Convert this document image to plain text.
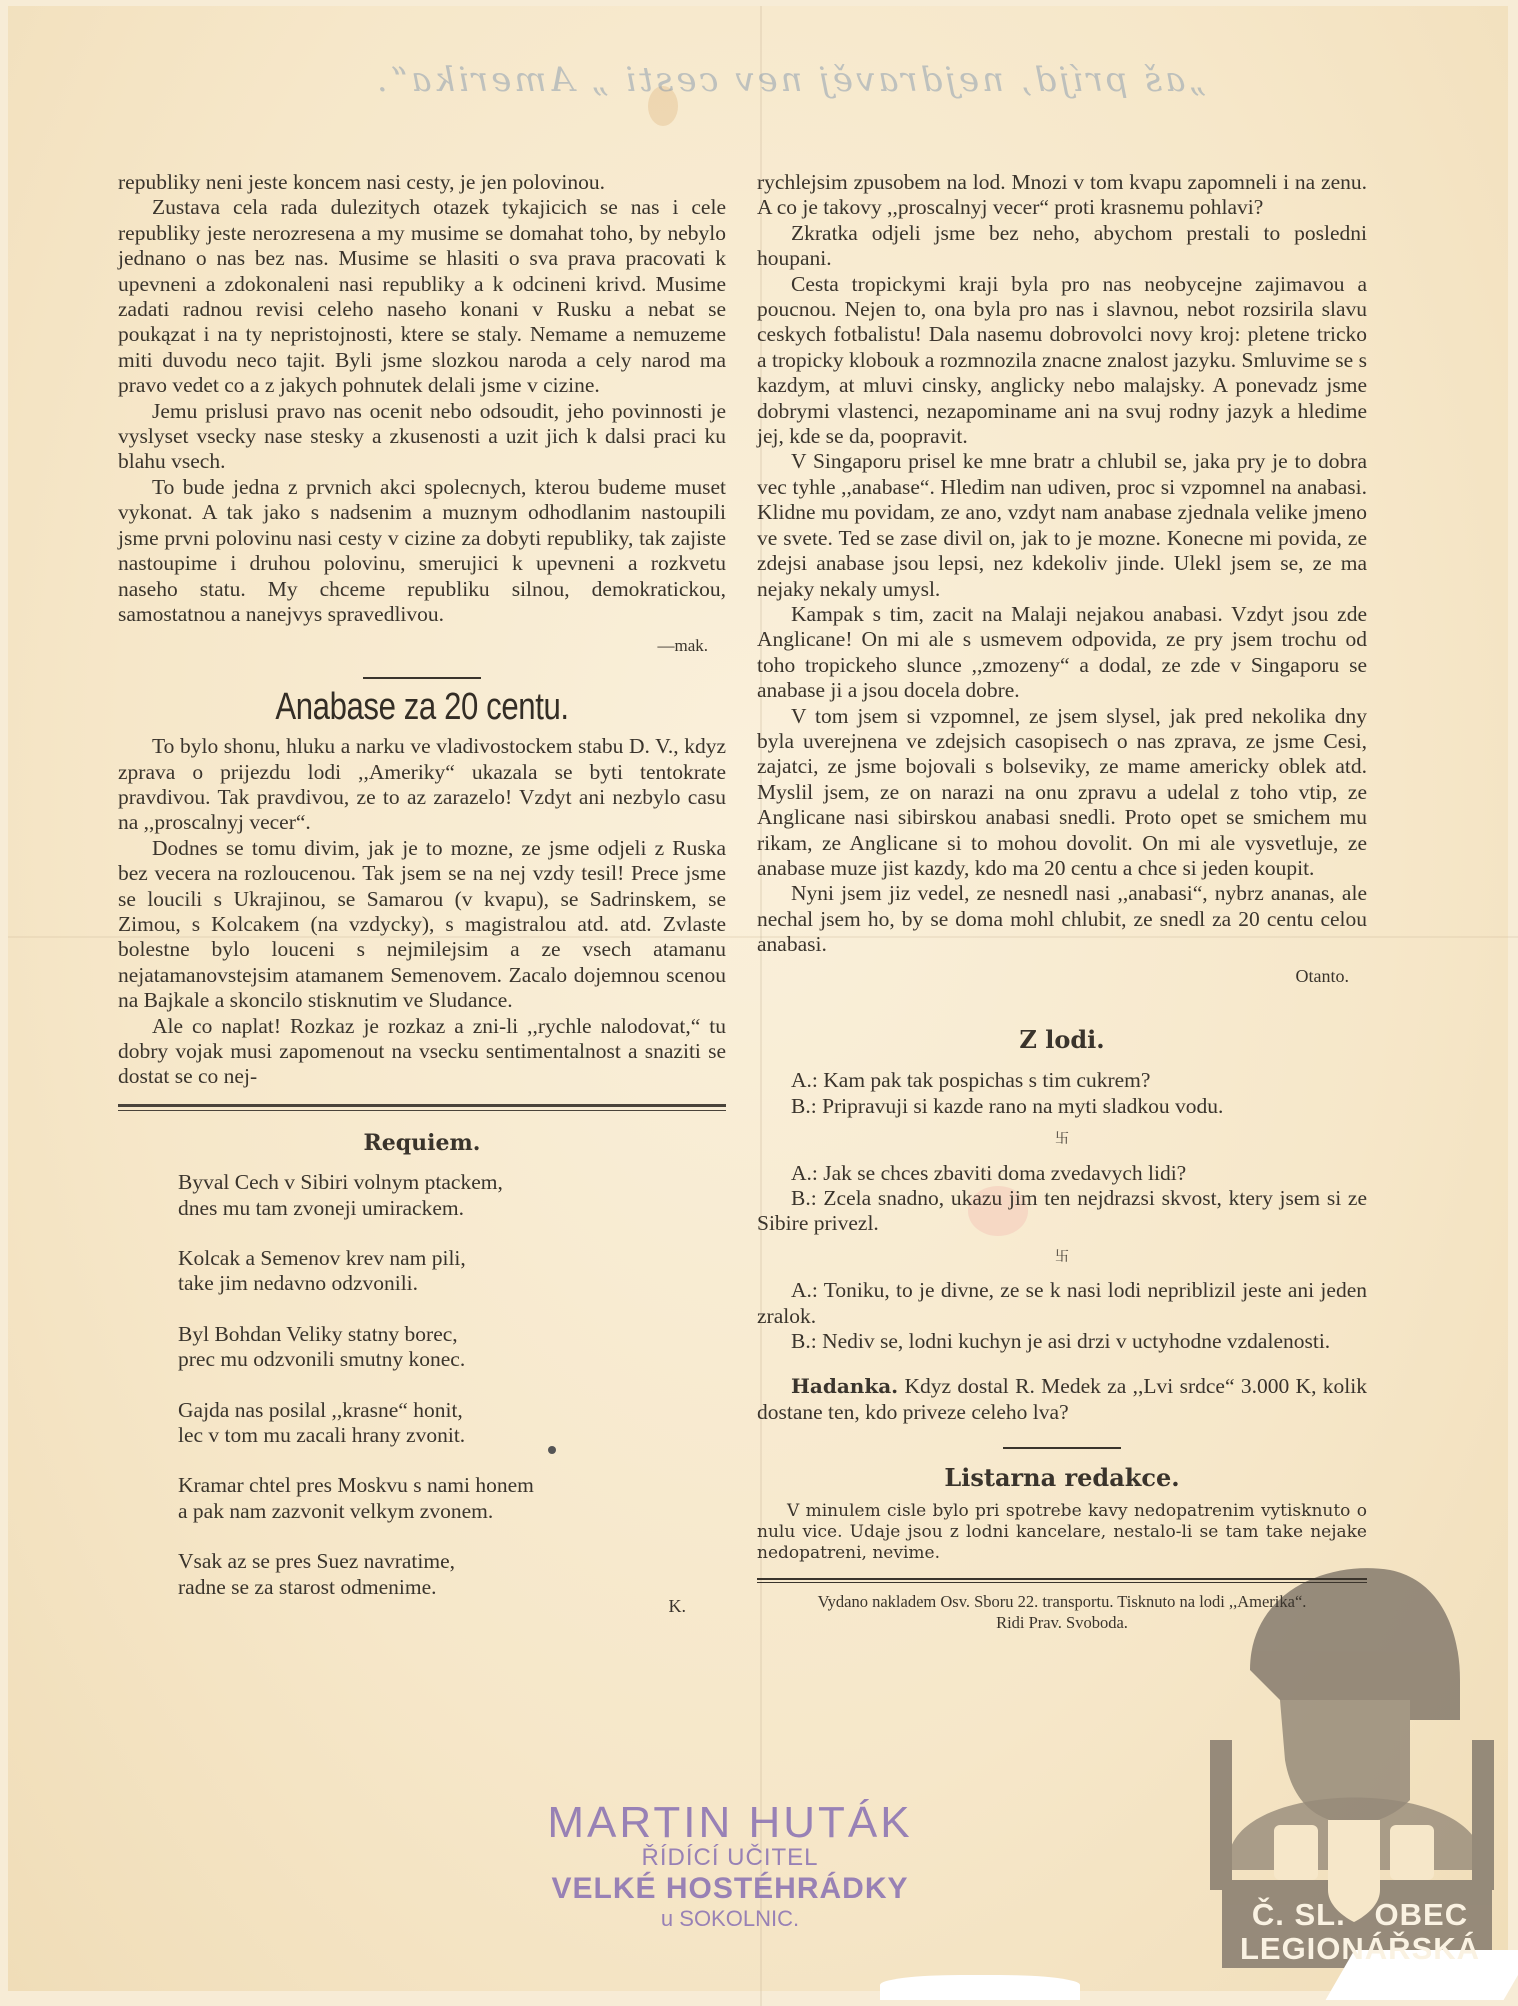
„aš príjd, nejdravěj nev cesti „ Amerika“.
Č. SL.   OBEC
LEGIONÁŘSKÁ
MARTIN HUTÁK
ŘÍDÍCÍ UČITEL
VELKÉ HOSTÉHRÁDKY
u SOKOLNIC.

republiky neni jeste koncem nasi cesty, je jen polovinou.

Zustava cela rada dulezitych otazek tykajicich se nas i cele republiky jeste nerozresena a my musime se domahat toho, by nebylo jednano o nas bez nas. Musime se hlasiti o sva prava pracovati k upevneni a zdokonaleni nasi republiky a k odcineni krivd. Musime zadati radnou revisi celeho naseho konani v Rusku a nebat se poukązat i na ty nepristojnosti, ktere se staly. Nemame a nemuzeme miti duvodu neco tajit. Byli jsme slozkou naroda a cely narod ma pravo vedet co a z jakych pohnutek delali jsme v cizine.

Jemu prislusi pravo nas ocenit nebo odsoudit, jeho povinnosti je vyslyset vsecky nase stesky a zkusenosti a uzit jich k dalsi praci ku blahu vsech.

To bude jedna z prvnich akci spolecnych, kterou budeme muset vykonat. A tak jako s nadsenim a muznym odhodlanim nastoupili jsme prvni polovinu nasi cesty v cizine za dobyti republiky, tak zajiste nastoupime i druhou polovinu, smerujici k upevneni a rozkvetu naseho statu. My chceme republiku silnou, demokratickou, samostatnou a nanejvys spravedlivou.

—mak.
Anabase za 20 centu.

To bylo shonu, hluku a narku ve vladivostockem stabu D. V., kdyz zprava o prijezdu lodi ,,Ameriky“ ukazala se byti tentokrate pravdivou. Tak pravdivou, ze to az zarazelo! Vzdyt ani nezbylo casu na ,,proscalnyj vecer“.

Dodnes se tomu divim, jak je to mozne, ze jsme odjeli z Ruska bez vecera na rozloucenou. Tak jsem se na nej vzdy tesil! Prece jsme se loucili s Ukrajinou, se Samarou (v kvapu), se Sadrinskem, se Zimou, s Kolcakem (na vzdycky), s magistralou atd. atd. Zvlaste bolestne bylo louceni s nejmilejsim a ze vsech atamanu nejatamanovstejsim atamanem Semenovem. Zacalo dojemnou scenou na Bajkale a skoncilo stisknutim ve Sludance.

Ale co naplat! Rozkaz je rozkaz a zni-li ,,rychle nalodovat,“ tu dobry vojak musi zapomenout na vsecku sentimentalnost a snaziti se dostat se co nej-

Requiem.
Byval Cech v Sibiri volnym ptackem,
dnes mu tam zvoneji umirackem.
Kolcak a Semenov krev nam pili,
take jim nedavno odzvonili.
Byl Bohdan Veliky statny borec,
prec mu odzvonili smutny konec.
Gajda nas posilal ,,krasne“ honit,
lec v tom mu zacali hrany zvonit.
Kramar chtel pres Moskvu s nami honem
a pak nam zazvonit velkym zvonem.
Vsak az se pres Suez navratime,
radne se za starost odmenime.
K.

rychlejsim zpusobem na lod. Mnozi v tom kvapu zapomneli i na zenu. A co je takovy ,,proscalnyj vecer“ proti krasnemu pohlavi?

Zkratka odjeli jsme bez neho, abychom prestali to posledni houpani.

Cesta tropickymi kraji byla pro nas neobycejne zajimavou a poucnou. Nejen to, ona byla pro nas i slavnou, nebot rozsirila slavu ceskych fotbalistu! Dala nasemu dobrovolci novy kroj: pletene tricko a tropicky klobouk a rozmnozila znacne znalost jazyku. Smluvime se s kazdym, at mluvi cinsky, anglicky nebo malajsky. A ponevadz jsme dobrymi vlastenci, nezapominame ani na svuj rodny jazyk a hledime jej, kde se da, poopravit.

V Singaporu prisel ke mne bratr a chlubil se, jaka pry je to dobra vec tyhle ,,anabase“. Hledim nan udiven, proc si vzpomnel na anabasi. Klidne mu povidam, ze ano, vzdyt nam anabase zjednala velike jmeno ve svete. Ted se zase divil on, jak to je mozne. Konecne mi povida, ze zdejsi anabase jsou lepsi, nez kdekoliv jinde. Ulekl jsem se, ze ma nejaky nekaly umysl.

Kampak s tim, zacit na Malaji nejakou anabasi. Vzdyt jsou zde Anglicane! On mi ale s usmevem odpovida, ze pry jsem trochu od toho tropickeho slunce ,,zmozeny“ a dodal, ze zde v Singaporu se anabase ji a jsou docela dobre.

V tom jsem si vzpomnel, ze jsem slysel, jak pred nekolika dny byla uverejnena ve zdejsich casopisech o nas zprava, ze jsme Cesi, zajatci, ze jsme bojovali s bolseviky, ze mame americky oblek atd. Myslil jsem, ze on narazi na onu zpravu a udelal z toho vtip, ze Anglicane nasi sibirskou anabasi snedli. Proto opet se smichem mu rikam, ze Anglicane si to mohou dovolit. On mi ale vysvetluje, ze anabase muze jist kazdy, kdo ma 20 centu a chce si jeden koupit.

Nyni jsem jiz vedel, ze nesnedl nasi ,,anabasi“, nybrz ananas, ale nechal jsem ho, by se doma mohl chlubit, ze snedl za 20 centu celou anabasi.

Otanto.
Z lodi.
A.: Kam pak tak pospichas s tim cukrem?
B.: Pripravuji si kazde rano na myti sladkou vodu.
卐
A.: Jak se chces zbaviti doma zvedavych lidi?

B.: Zcela snadno, ukazu jim ten nejdrazsi skvost, ktery jsem si ze Sibire privezl.

卐

A.: Toniku, to je divne, ze se k nasi lodi nepriblizil jeste ani jeden zralok.

B.: Nediv se, lodni kuchyn je asi drzi v uctyhodne vzdalenosti.

Hadanka. Kdyz dostal R. Medek za ,,Lvi srdce“ 3.000 K, kolik dostane ten, kdo priveze celeho lva?

Listarna redakce.

V minulem cisle bylo pri spotrebe kavy nedopatrenim vytisknuto o nulu vice. Udaje jsou z lodni kancelare, nestalo-li se tam take nejake nedopatreni, nevime.

Vydano nakladem Osv. Sboru 22. transportu. Tisknuto na lodi ,,Amerika“.
Ridi Prav. Svoboda.
